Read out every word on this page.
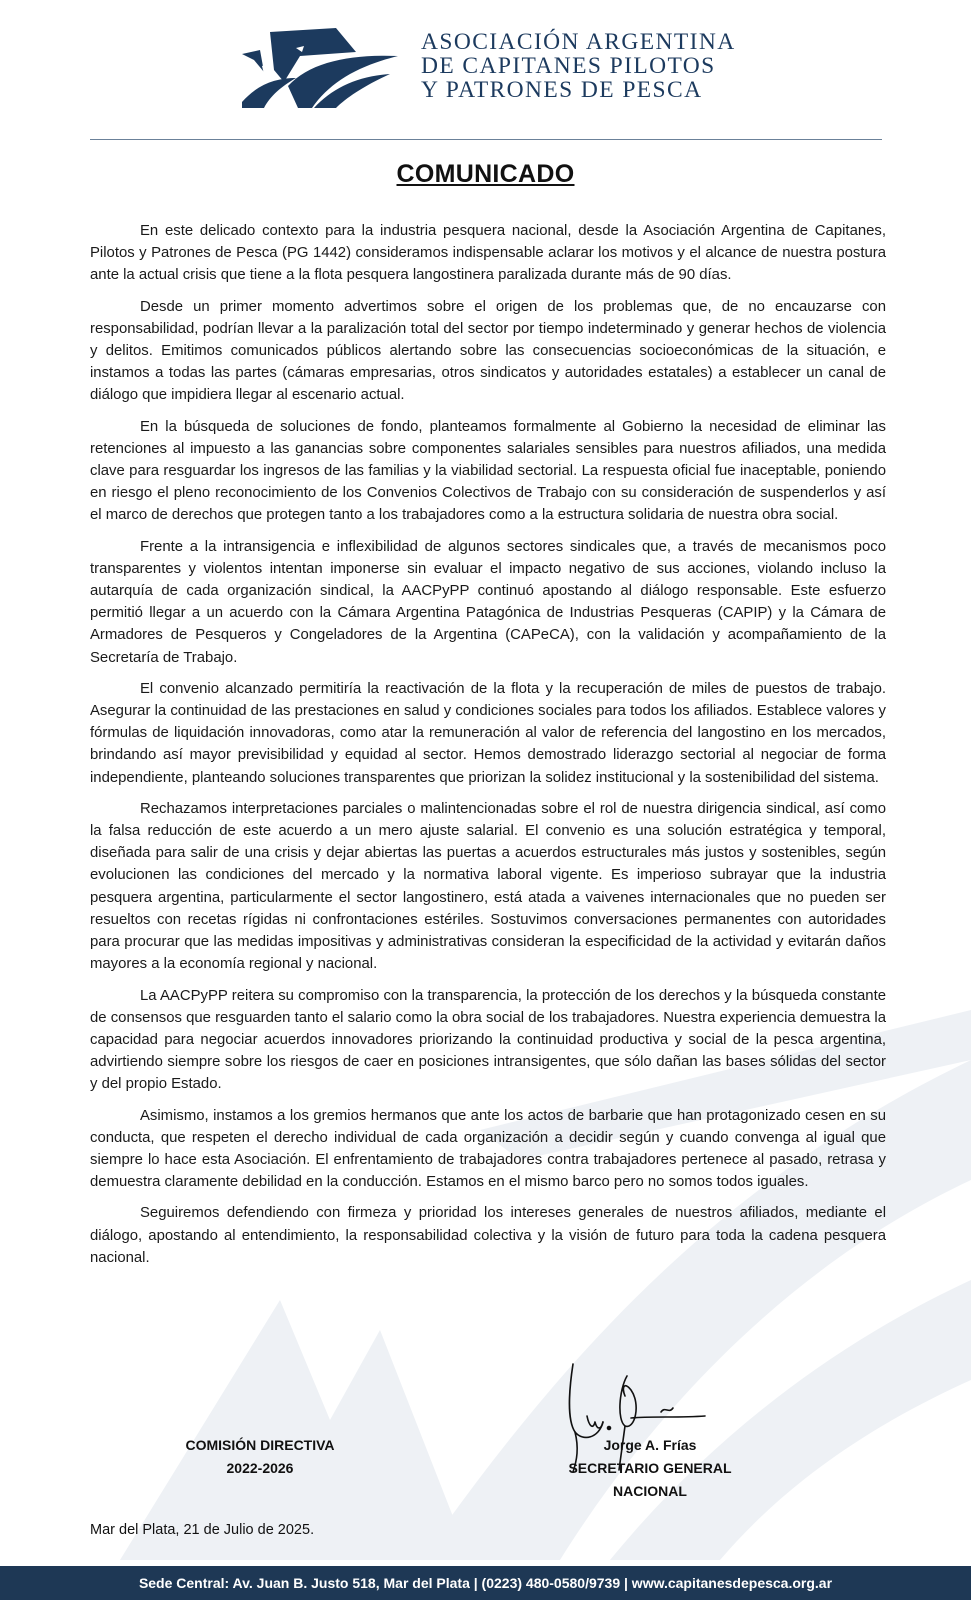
ASOCIACIÓN ARGENTINA
DE CAPITANES PILOTOS
Y PATRONES DE PESCA
COMUNICADO

En este delicado contexto para la industria pesquera nacional, desde la Asociación Argentina de Capitanes, Pilotos y Patrones de Pesca (PG 1442) consideramos indispensable aclarar los motivos y el alcance de nuestra postura ante la actual crisis que tiene a la flota pesquera langostinera paralizada durante más de 90 días.

Desde un primer momento advertimos sobre el origen de los problemas que, de no encauzarse con responsabilidad, podrían llevar a la paralización total del sector por tiempo indeterminado y generar hechos de violencia y delitos. Emitimos comunicados públicos alertando sobre las consecuencias socioeconómicas de la situación, e instamos a todas las partes (cámaras empresarias, otros sindicatos y autoridades estatales) a establecer un canal de diálogo que impidiera llegar al escenario actual.

En la búsqueda de soluciones de fondo, planteamos formalmente al Gobierno la necesidad de eliminar las retenciones al impuesto a las ganancias sobre componentes salariales sensibles para nuestros afiliados, una medida clave para resguardar los ingresos de las familias y la viabilidad sectorial. La respuesta oficial fue inaceptable, poniendo en riesgo el pleno reconocimiento de los Convenios Colectivos de Trabajo con su consideración de suspenderlos y así el marco de derechos que protegen tanto a los trabajadores como a la estructura solidaria de nuestra obra social.

Frente a la intransigencia e inflexibilidad de algunos sectores sindicales que, a través de mecanismos poco transparentes y violentos intentan imponerse sin evaluar el impacto negativo de sus acciones, violando incluso la autarquía de cada organización sindical, la AACPyPP continuó apostando al diálogo responsable. Este esfuerzo permitió llegar a un acuerdo con la Cámara Argentina Patagónica de Industrias Pesqueras (CAPIP) y la Cámara de Armadores de Pesqueros y Congeladores de la Argentina (CAPeCA), con la validación y acompañamiento de la Secretaría de Trabajo.

El convenio alcanzado permitiría la reactivación de la flota y la recuperación de miles de puestos de trabajo. Asegurar la continuidad de las prestaciones en salud y condiciones sociales para todos los afiliados. Establece valores y fórmulas de liquidación innovadoras, como atar la remuneración al valor de referencia del langostino en los mercados, brindando así mayor previsibilidad y equidad al sector. Hemos demostrado liderazgo sectorial al negociar de forma independiente, planteando soluciones transparentes que priorizan la solidez institucional y la sostenibilidad del sistema.

Rechazamos interpretaciones parciales o malintencionadas sobre el rol de nuestra dirigencia sindical, así como la falsa reducción de este acuerdo a un mero ajuste salarial. El convenio es una solución estratégica y temporal, diseñada para salir de una crisis y dejar abiertas las puertas a acuerdos estructurales más justos y sostenibles, según evolucionen las condiciones del mercado y la normativa laboral vigente. Es imperioso subrayar que la industria pesquera argentina, particularmente el sector langostinero, está atada a vaivenes internacionales que no pueden ser resueltos con recetas rígidas ni confrontaciones estériles. Sostuvimos conversaciones permanentes con autoridades para procurar que las medidas impositivas y administrativas consideran la especificidad de la actividad y evitarán daños mayores a la economía regional y nacional.

La AACPyPP reitera su compromiso con la transparencia, la protección de los derechos y la búsqueda constante de consensos que resguarden tanto el salario como la obra social de los trabajadores. Nuestra experiencia demuestra la capacidad para negociar acuerdos innovadores priorizando la continuidad productiva y social de la pesca argentina, advirtiendo siempre sobre los riesgos de caer en posiciones intransigentes, que sólo dañan las bases sólidas del sector y del propio Estado.

Asimismo, instamos a los gremios hermanos que ante los actos de barbarie que han protagonizado cesen en su conducta, que respeten el derecho individual de cada organización a decidir según y cuando convenga al igual que siempre lo hace esta Asociación. El enfrentamiento de trabajadores contra trabajadores pertenece al pasado, retrasa y demuestra claramente debilidad en la conducción. Estamos en el mismo barco pero no somos todos iguales.

Seguiremos defendiendo con firmeza y prioridad los intereses generales de nuestros afiliados, mediante el diálogo, apostando al entendimiento, la responsabilidad colectiva y la visión de futuro para toda la cadena pesquera nacional.

COMISIÓN DIRECTIVA
2022-2026
Jorge A. Frías
SECRETARIO GENERAL NACIONAL
Mar del Plata, 21 de Julio de 2025.
Sede Central: Av. Juan B. Justo 518, Mar del Plata | (0223) 480-0580/9739 | www.capitanesdepesca.org.ar
